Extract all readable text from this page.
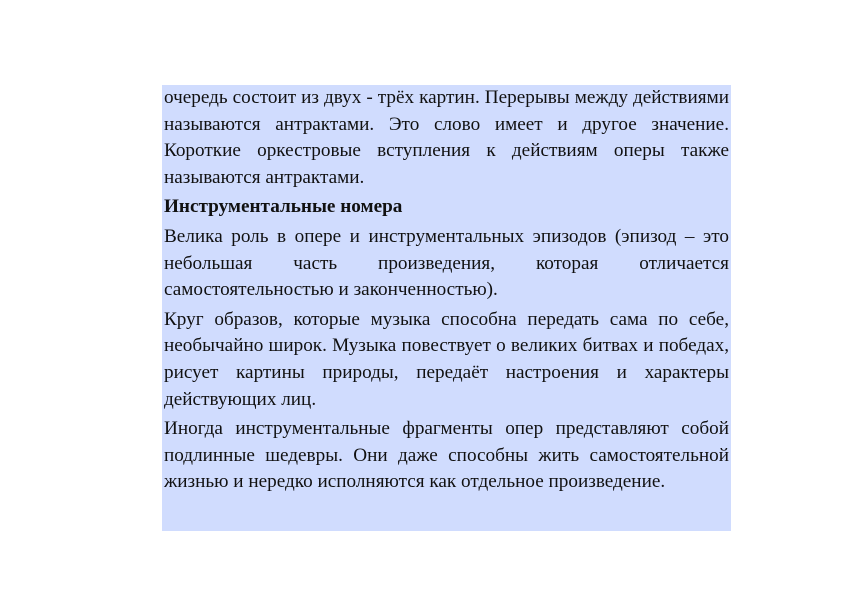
очередь состоит из двух - трёх картин. Перерывы между действиями называются антрактами. Это слово имеет и другое значение. Короткие оркестровые вступления к действиям оперы также называются антрактами.

Инструментальные номера

Велика роль в опере и инструментальных эпизодов (эпизод – это небольшая часть произведения, которая отличается самостоятельностью и законченностью).

Круг образов, которые музыка способна передать сама по себе, необычайно широк. Музыка повествует о великих битвах и победах, рисует картины природы, передаёт настроения и характеры действующих лиц.

Иногда инструментальные фрагменты опер представляют собой подлинные шедевры. Они даже способны жить самостоятельной жизнью и нередко исполняются как отдельное произведение.
